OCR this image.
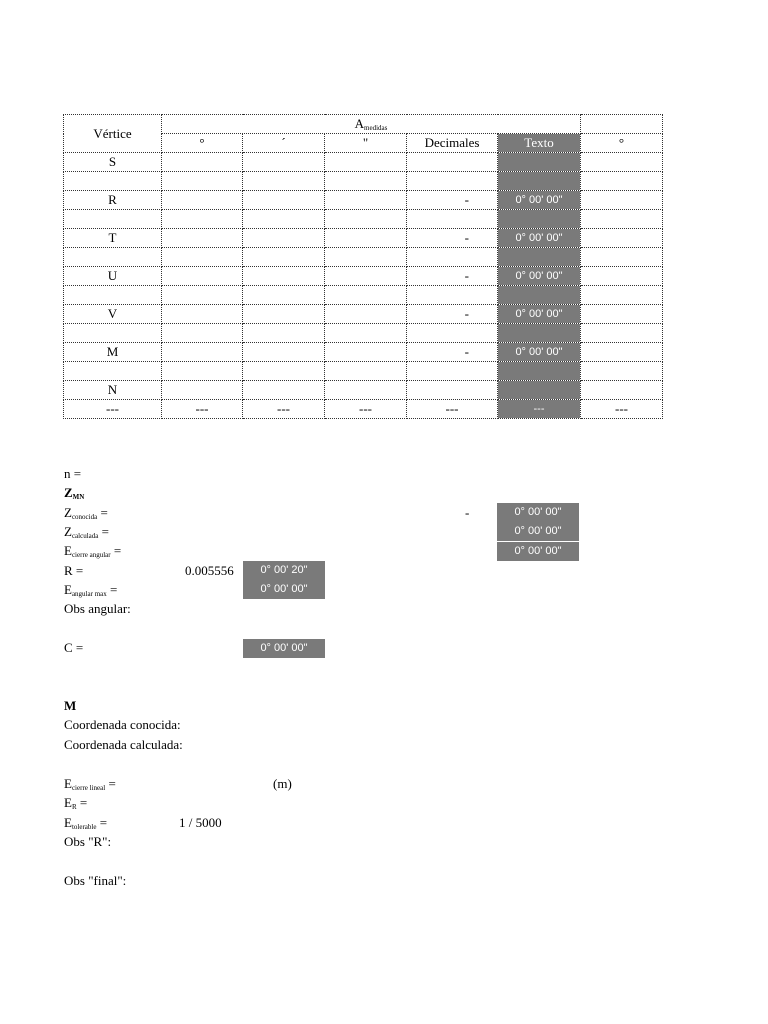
Vértice	$A_{medidas}$	
	°	´	"	Decimales	Texto	°
S						

R				-	0° 00' 00"	

T				-	0° 00' 00"	

U				-	0° 00' 00"	

V				-	0° 00' 00"	

M				-	0° 00' 00"	

N						
---	---	---	---	---	---	---
n =
$Z_{MN}$
$Z_{conocida}$ =	-	0° 00' 00"
$Z_{calculada}$ =	0° 00' 00"
$E_{cierre angular}$ =	0° 00' 00"
R =	0.005556	0° 00' 20"
$E_{angular max}$ =	0° 00' 00"
Obs angular:
C =	0° 00' 00"
M
Coordenada conocida:
Coordenada calculada:
$E_{cierre lineal}$ =	(m)
$E_R$ =
$E_{tolerable}$ =	1 / 5000
Obs "R":
Obs "final":
